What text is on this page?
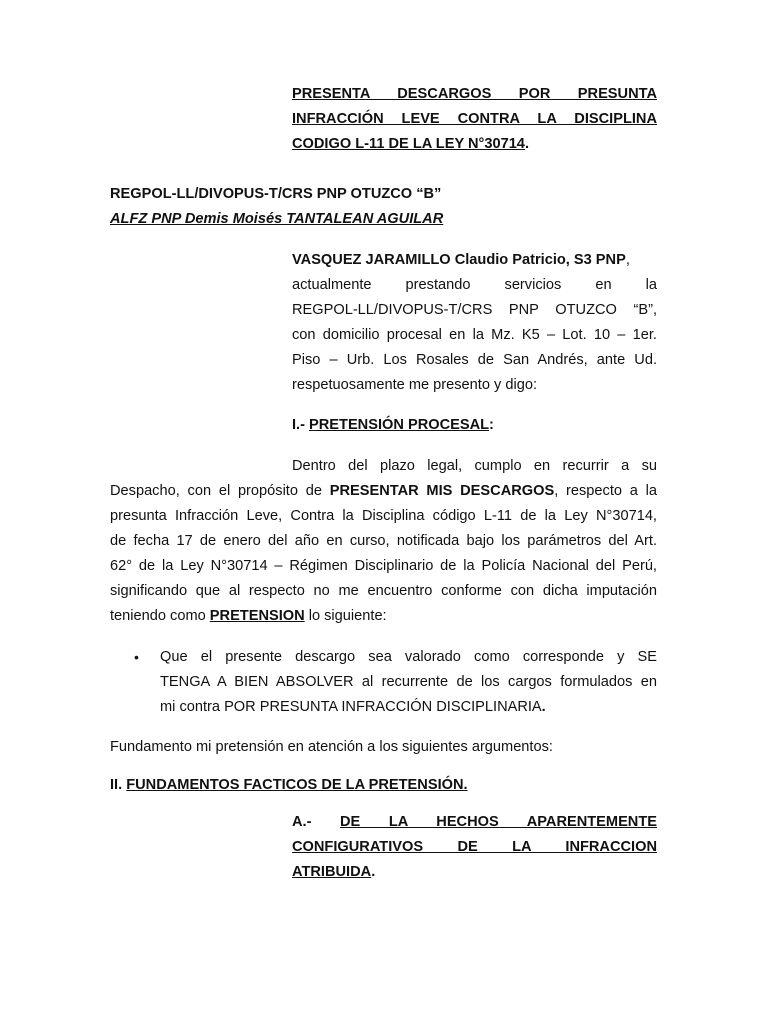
PRESENTA DESCARGOS POR PRESUNTA
INFRACCIÓN LEVE CONTRA LA DISCIPLINA
CODIGO L-11 DE LA LEY N°30714.
REGPOL-LL/DIVOPUS-T/CRS PNP OTUZCO “B”
ALFZ PNP Demis Moisés TANTALEAN AGUILAR
VASQUEZ JARAMILLO Claudio Patricio, S3 PNP,
actualmente prestando servicios en la
REGPOL-LL/DIVOPUS-T/CRS PNP OTUZCO “B”,
con domicilio procesal en la Mz. K5 – Lot. 10 – 1er.
Piso – Urb. Los Rosales de San Andrés, ante Ud.
respetuosamente me presento y digo:
I.- PRETENSIÓN PROCESAL:
Dentro del plazo legal, cumplo en recurrir a su
Despacho, con el propósito de PRESENTAR MIS DESCARGOS, respecto a la
presunta Infracción Leve, Contra la Disciplina código L-11 de la Ley N°30714,
de fecha 17 de enero del año en curso, notificada bajo los parámetros del Art.
62° de la Ley N°30714 – Régimen Disciplinario de la Policía Nacional del Perú,
significando que al respecto no me encuentro conforme con dicha imputación
teniendo como PRETENSION lo siguiente:
• Que el presente descargo sea valorado como corresponde y SE
TENGA A BIEN ABSOLVER al recurrente de los cargos formulados en
mi contra POR PRESUNTA INFRACCIÓN DISCIPLINARIA.
Fundamento mi pretensión en atención a los siguientes argumentos:
II. FUNDAMENTOS FACTICOS DE LA PRETENSIÓN.
A.- DE LA HECHOS APARENTEMENTE
CONFIGURATIVOS DE LA INFRACCION
ATRIBUIDA.
